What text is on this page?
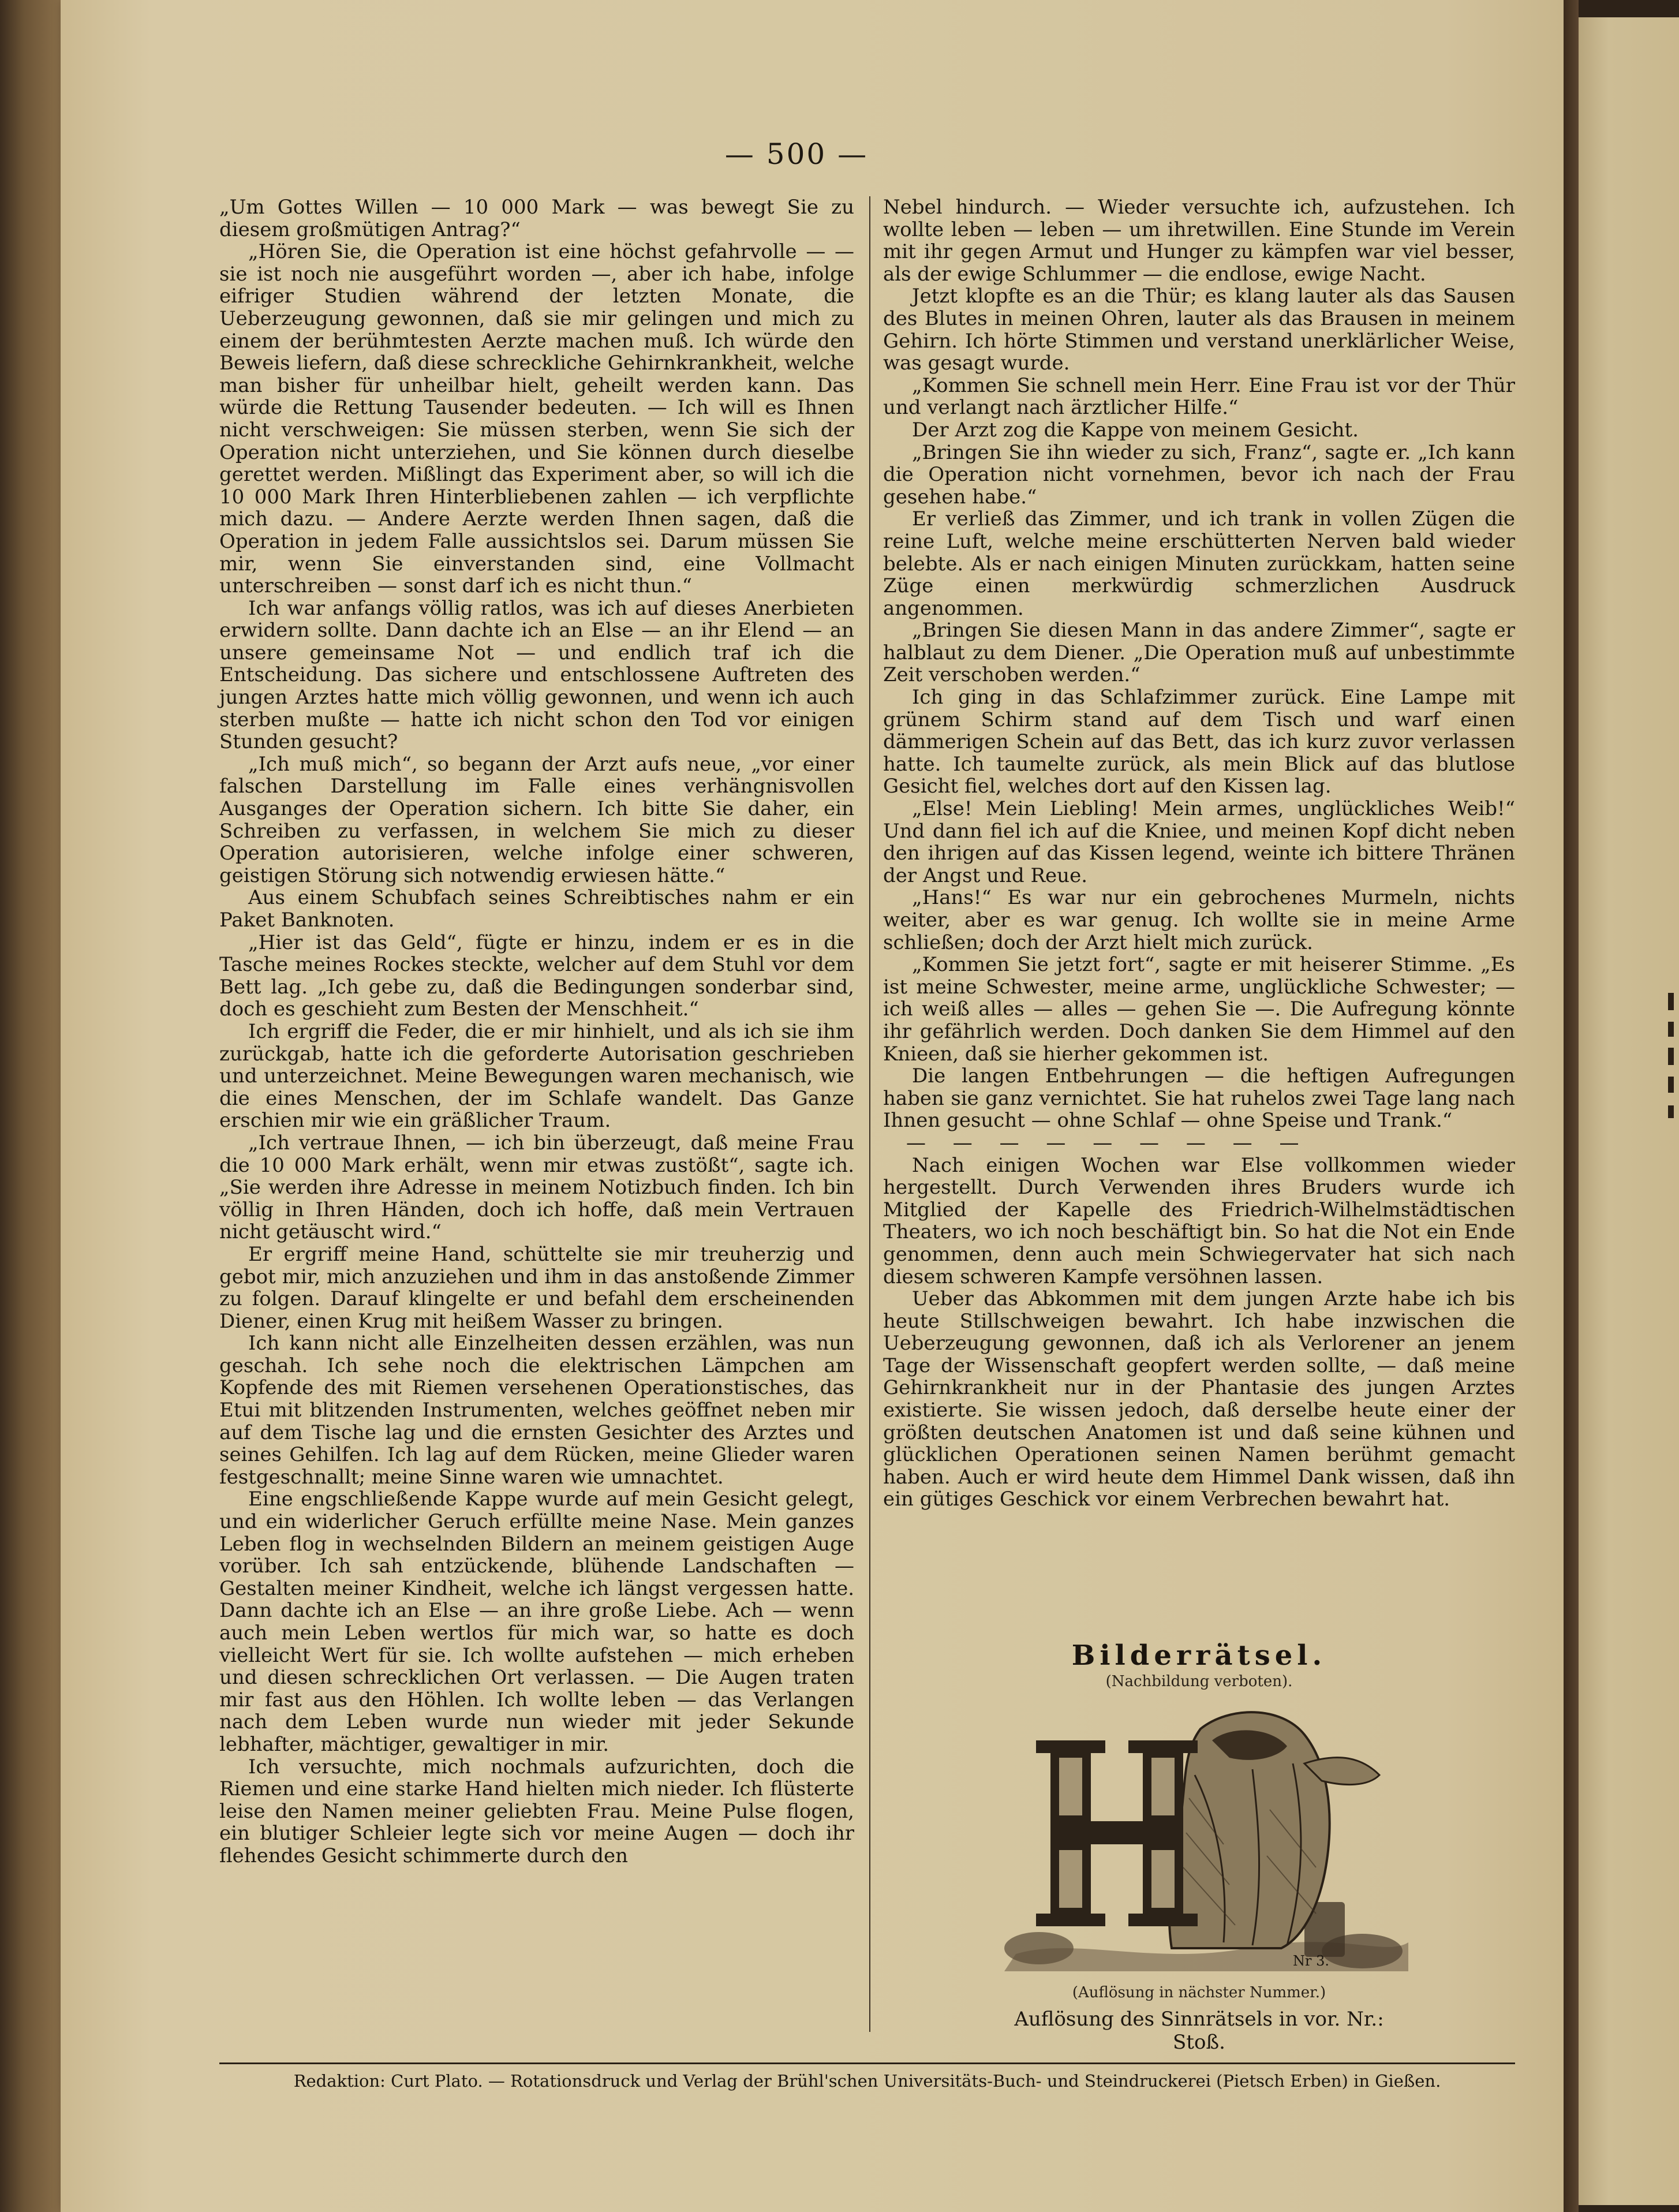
— 500 —

„Um Gottes Willen — 10 000 Mark — was bewegt Sie zu diesem großmütigen Antrag?“

„Hören Sie, die Operation ist eine höchst gefahrvolle — — sie ist noch nie ausgeführt worden —, aber ich habe, infolge eifriger Studien während der letzten Monate, die Ueberzeugung gewonnen, daß sie mir gelingen und mich zu einem der berühmtesten Aerzte machen muß. Ich würde den Beweis liefern, daß diese schreckliche Gehirnkrankheit, welche man bisher für unheilbar hielt, geheilt werden kann. Das würde die Rettung Tausender bedeuten. — Ich will es Ihnen nicht verschweigen: Sie müssen sterben, wenn Sie sich der Operation nicht unterziehen, und Sie können durch dieselbe gerettet werden. Mißlingt das Experiment aber, so will ich die 10 000 Mark Ihren Hinterbliebenen zahlen — ich verpflichte mich dazu. — Andere Aerzte werden Ihnen sagen, daß die Operation in jedem Falle aussichtslos sei. Darum müssen Sie mir, wenn Sie einverstanden sind, eine Vollmacht unterschreiben — sonst darf ich es nicht thun.“

Ich war anfangs völlig ratlos, was ich auf dieses Anerbieten erwidern sollte. Dann dachte ich an Else — an ihr Elend — an unsere gemeinsame Not — und endlich traf ich die Entscheidung. Das sichere und entschlossene Auftreten des jungen Arztes hatte mich völlig gewonnen, und wenn ich auch sterben mußte — hatte ich nicht schon den Tod vor einigen Stunden gesucht?

„Ich muß mich“, so begann der Arzt aufs neue, „vor einer falschen Darstellung im Falle eines verhängnisvollen Ausganges der Operation sichern. Ich bitte Sie daher, ein Schreiben zu verfassen, in welchem Sie mich zu dieser Operation autorisieren, welche infolge einer schweren, geistigen Störung sich notwendig erwiesen hätte.“

Aus einem Schubfach seines Schreibtisches nahm er ein Paket Banknoten.

„Hier ist das Geld“, fügte er hinzu, indem er es in die Tasche meines Rockes steckte, welcher auf dem Stuhl vor dem Bett lag. „Ich gebe zu, daß die Bedingungen sonderbar sind, doch es geschieht zum Besten der Menschheit.“

Ich ergriff die Feder, die er mir hinhielt, und als ich sie ihm zurückgab, hatte ich die geforderte Autorisation geschrieben und unterzeichnet. Meine Bewegungen waren mechanisch, wie die eines Menschen, der im Schlafe wandelt. Das Ganze erschien mir wie ein gräßlicher Traum.

„Ich vertraue Ihnen, — ich bin überzeugt, daß meine Frau die 10 000 Mark erhält, wenn mir etwas zustößt“, sagte ich. „Sie werden ihre Adresse in meinem Notizbuch finden. Ich bin völlig in Ihren Händen, doch ich hoffe, daß mein Vertrauen nicht getäuscht wird.“

Er ergriff meine Hand, schüttelte sie mir treuherzig und gebot mir, mich anzuziehen und ihm in das anstoßende Zimmer zu folgen. Darauf klingelte er und befahl dem erscheinenden Diener, einen Krug mit heißem Wasser zu bringen.

Ich kann nicht alle Einzelheiten dessen erzählen, was nun geschah. Ich sehe noch die elektrischen Lämpchen am Kopfende des mit Riemen versehenen Operationstisches, das Etui mit blitzenden Instrumenten, welches geöffnet neben mir auf dem Tische lag und die ernsten Gesichter des Arztes und seines Gehilfen. Ich lag auf dem Rücken, meine Glieder waren festgeschnallt; meine Sinne waren wie umnachtet.

Eine engschließende Kappe wurde auf mein Gesicht gelegt, und ein widerlicher Geruch erfüllte meine Nase. Mein ganzes Leben flog in wechselnden Bildern an meinem geistigen Auge vorüber. Ich sah entzückende, blühende Landschaften — Gestalten meiner Kindheit, welche ich längst vergessen hatte. Dann dachte ich an Else — an ihre große Liebe. Ach — wenn auch mein Leben wertlos für mich war, so hatte es doch vielleicht Wert für sie. Ich wollte aufstehen — mich erheben und diesen schrecklichen Ort verlassen. — Die Augen traten mir fast aus den Höhlen. Ich wollte leben — das Verlangen nach dem Leben wurde nun wieder mit jeder Sekunde lebhafter, mächtiger, gewaltiger in mir.

Ich versuchte, mich nochmals aufzurichten, doch die Riemen und eine starke Hand hielten mich nieder. Ich flüsterte leise den Namen meiner geliebten Frau. Meine Pulse flogen, ein blutiger Schleier legte sich vor meine Augen — doch ihr flehendes Gesicht schimmerte durch den

Nebel hindurch. — Wieder versuchte ich, aufzustehen. Ich wollte leben — leben — um ihretwillen. Eine Stunde im Verein mit ihr gegen Armut und Hunger zu kämpfen war viel besser, als der ewige Schlummer — die endlose, ewige Nacht.

Jetzt klopfte es an die Thür; es klang lauter als das Sausen des Blutes in meinen Ohren, lauter als das Brausen in meinem Gehirn. Ich hörte Stimmen und verstand unerklärlicher Weise, was gesagt wurde.

„Kommen Sie schnell mein Herr. Eine Frau ist vor der Thür und verlangt nach ärztlicher Hilfe.“

Der Arzt zog die Kappe von meinem Gesicht.

„Bringen Sie ihn wieder zu sich, Franz“, sagte er. „Ich kann die Operation nicht vornehmen, bevor ich nach der Frau gesehen habe.“

Er verließ das Zimmer, und ich trank in vollen Zügen die reine Luft, welche meine erschütterten Nerven bald wieder belebte. Als er nach einigen Minuten zurückkam, hatten seine Züge einen merkwürdig schmerzlichen Ausdruck angenommen.

„Bringen Sie diesen Mann in das andere Zimmer“, sagte er halblaut zu dem Diener. „Die Operation muß auf unbestimmte Zeit verschoben werden.“

Ich ging in das Schlafzimmer zurück. Eine Lampe mit grünem Schirm stand auf dem Tisch und warf einen dämmerigen Schein auf das Bett, das ich kurz zuvor verlassen hatte. Ich taumelte zurück, als mein Blick auf das blutlose Gesicht fiel, welches dort auf den Kissen lag.

„Else! Mein Liebling! Mein armes, unglückliches Weib!“ Und dann fiel ich auf die Kniee, und meinen Kopf dicht neben den ihrigen auf das Kissen legend, weinte ich bittere Thränen der Angst und Reue.

„Hans!“ Es war nur ein gebrochenes Murmeln, nichts weiter, aber es war genug. Ich wollte sie in meine Arme schließen; doch der Arzt hielt mich zurück.

„Kommen Sie jetzt fort“, sagte er mit heiserer Stimme. „Es ist meine Schwester, meine arme, unglückliche Schwester; — ich weiß alles — alles — gehen Sie —. Die Aufregung könnte ihr gefährlich werden. Doch danken Sie dem Himmel auf den Knieen, daß sie hierher gekommen ist.

Die langen Entbehrungen — die heftigen Aufregungen haben sie ganz vernichtet. Sie hat ruhelos zwei Tage lang nach Ihnen gesucht — ohne Schlaf — ohne Speise und Trank.“

— — — — — — — — —

Nach einigen Wochen war Else vollkommen wieder hergestellt. Durch Verwenden ihres Bruders wurde ich Mitglied der Kapelle des Friedrich-Wilhelmstädtischen Theaters, wo ich noch beschäftigt bin. So hat die Not ein Ende genommen, denn auch mein Schwiegervater hat sich nach diesem schweren Kampfe versöhnen lassen.

Ueber das Abkommen mit dem jungen Arzte habe ich bis heute Stillschweigen bewahrt. Ich habe inzwischen die Ueberzeugung gewonnen, daß ich als Verlorener an jenem Tage der Wissenschaft geopfert werden sollte, — daß meine Gehirnkrankheit nur in der Phantasie des jungen Arztes existierte. Sie wissen jedoch, daß derselbe heute einer der größten deutschen Anatomen ist und daß seine kühnen und glücklichen Operationen seinen Namen berühmt gemacht haben. Auch er wird heute dem Himmel Dank wissen, daß ihn ein gütiges Geschick vor einem Verbrechen bewahrt hat.

Bilderrätsel.
(Nachbildung verboten).
Nr 3.
(Auflösung in nächster Nummer.)
Auflösung des Sinnrätsels in vor. Nr.:
Stoß.
Redaktion: Curt Plato. — Rotationsdruck und Verlag der Brühl'schen Universitäts-Buch- und Steindruckerei (Pietsch Erben) in Gießen.
